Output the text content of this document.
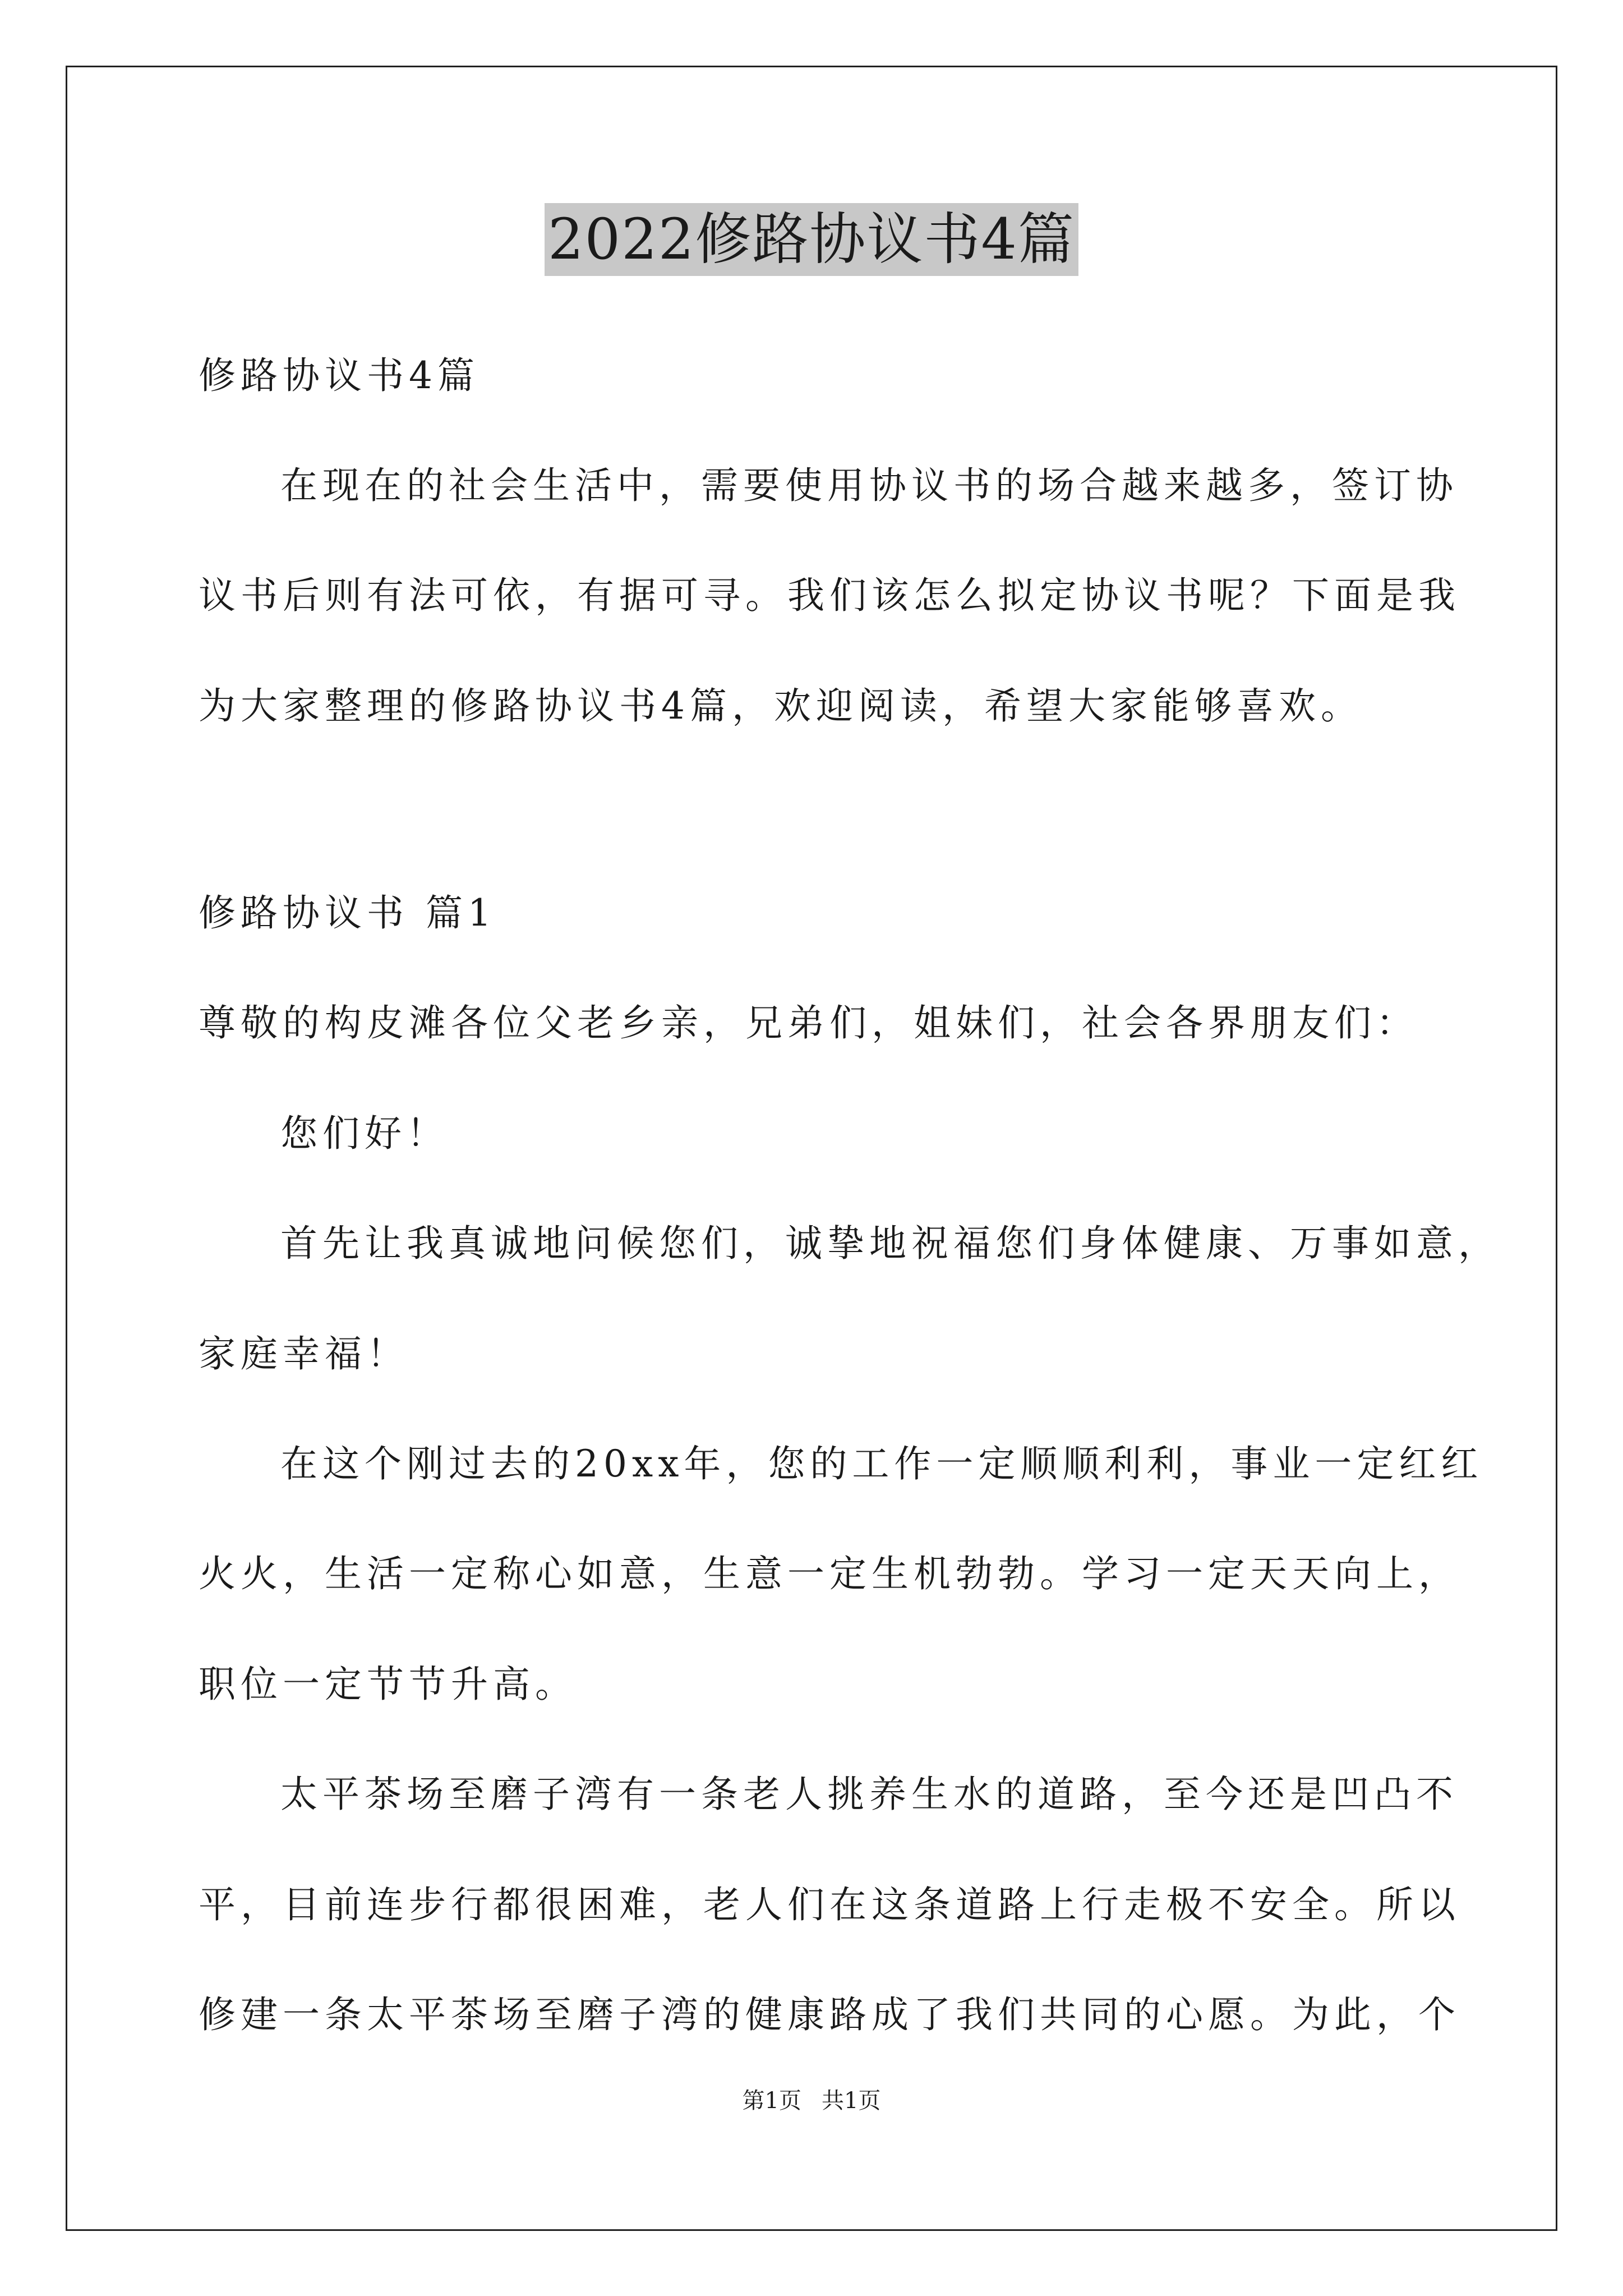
2022修路协议书4篇
修路协议书4篇
在现在的社会生活中，需要使用协议书的场合越来越多，签订协
议书后则有法可依，有据可寻。我们该怎么拟定协议书呢？下面是我
为大家整理的修路协议书4篇，欢迎阅读，希望大家能够喜欢。
修路协议书 篇1
尊敬的构皮滩各位父老乡亲，兄弟们，姐妹们，社会各界朋友们：
您们好！
首先让我真诚地问候您们，诚挚地祝福您们身体健康、万事如意，
家庭幸福！
在这个刚过去的20xx年，您的工作一定顺顺利利，事业一定红红
火火，生活一定称心如意，生意一定生机勃勃。学习一定天天向上，
职位一定节节升高。
太平茶场至磨子湾有一条老人挑养生水的道路，至今还是凹凸不
平，目前连步行都很困难，老人们在这条道路上行走极不安全。所以
修建一条太平茶场至磨子湾的健康路成了我们共同的心愿。为此，个
第1页 共1页
